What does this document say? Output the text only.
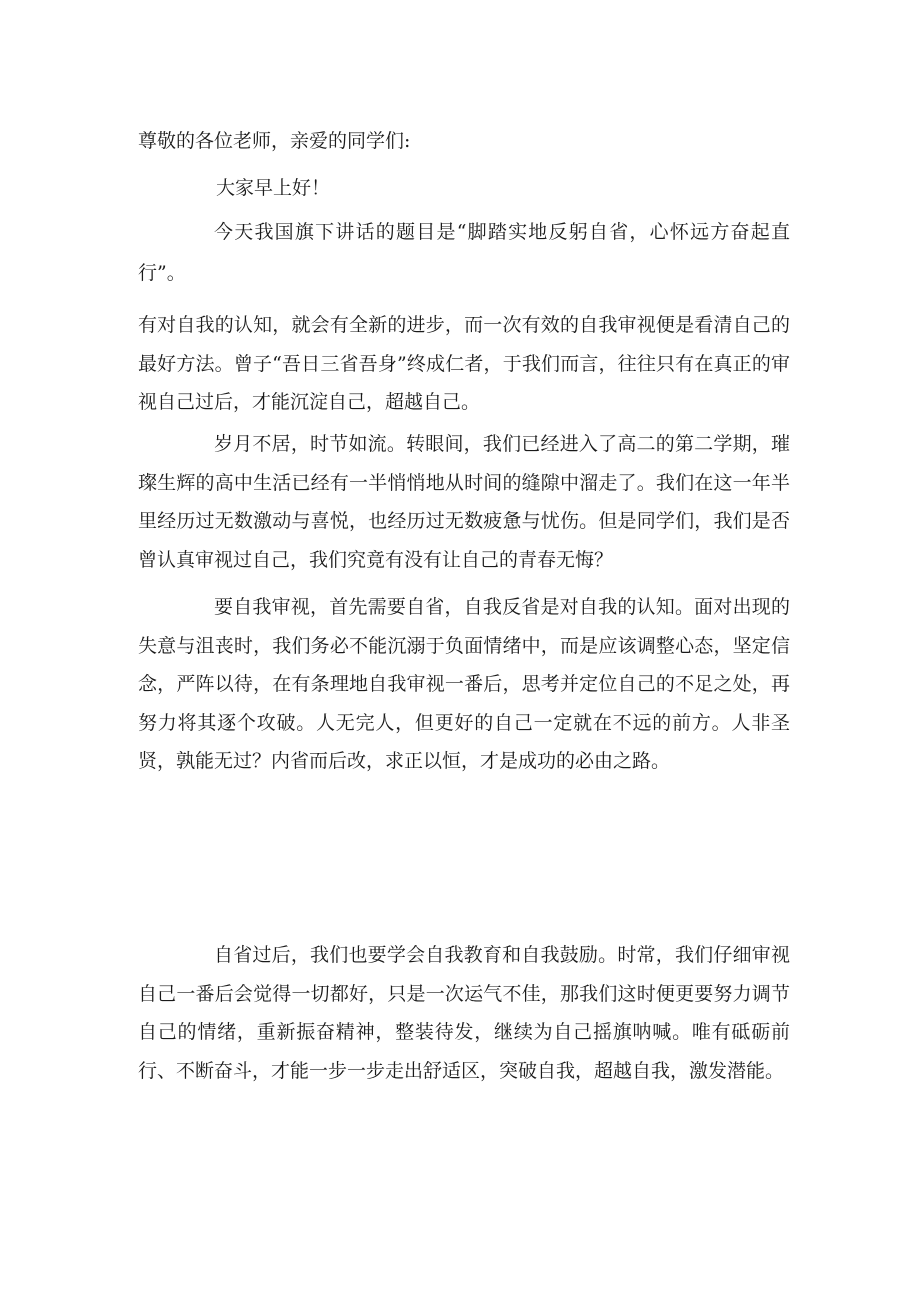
尊敬的各位老师，亲爱的同学们:
大家早上好！
今天我国旗下讲话的题目是“脚踏实地反躬自省，心怀远方奋起直行”。
有对自我的认知，就会有全新的进步，而一次有效的自我审视便是看清自己的最好方法。曾子“吾日三省吾身”终成仁者，于我们而言，往往只有在真正的审视自己过后，才能沉淀自己，超越自己。
岁月不居，时节如流。转眼间，我们已经进入了高二的第二学期，璀璨生辉的高中生活已经有一半悄悄地从时间的缝隙中溜走了。我们在这一年半里经历过无数激动与喜悦，也经历过无数疲惫与忧伤。但是同学们，我们是否曾认真审视过自己，我们究竟有没有让自己的青春无悔？
要自我审视，首先需要自省，自我反省是对自我的认知。面对出现的失意与沮丧时，我们务必不能沉溺于负面情绪中，而是应该调整心态，坚定信念，严阵以待，在有条理地自我审视一番后，思考并定位自己的不足之处，再努力将其逐个攻破。人无完人，但更好的自己一定就在不远的前方。人非圣贤，孰能无过？内省而后改，求正以恒，才是成功的必由之路。
自省过后，我们也要学会自我教育和自我鼓励。时常，我们仔细审视自己一番后会觉得一切都好，只是一次运气不佳，那我们这时便更要努力调节自己的情绪，重新振奋精神，整装待发，继续为自己摇旗呐喊。唯有砥砺前行、不断奋斗，才能一步一步走出舒适区，突破自我，超越自我，激发潜能。
